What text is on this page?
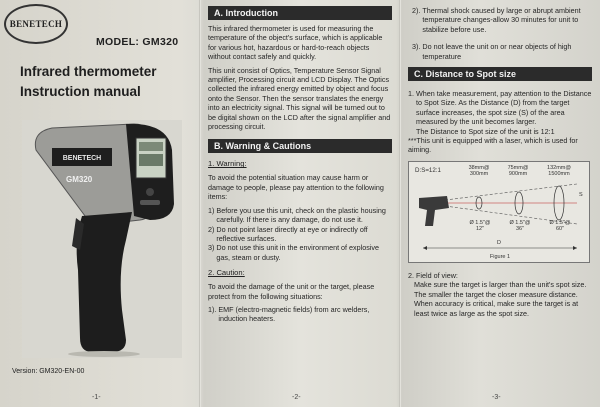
BENETECH
MODEL: GM320
Infrared thermometer
Instruction manual
BENETECH
GM320
Version: GM320-EN-00
-1-
A. Introduction

This infrared thermometer is used for measuring the temperature of the object's surface, which is applicable for various hot, hazardous or hard-to-reach objects without contact safely and quickly.

This unit consist of Optics, Temperature Sensor Signal amplifier, Processing circuit and LCD Display. The Optics collected the infrared energy emitted by object and focus onto the Sensor. Then the sensor translates the energy into an electricity signal. This signal will be turned out to be digital shown on the LCD after the signal amplifier and processing circuit.

B. Warning & Cautions
1. Warning:

To avoid the potential situation may cause harm or damage to people, please pay attention to the following items:

1) Before you use this unit, check on the plastic housing carefully. If there is any damage, do not use it.
2) Do not point laser directly at eye or indirectly off reflective surfaces.
3) Do not use this unit in the environment of explosive gas, steam or dusty.
2. Caution:

To avoid the damage of the unit or the target, please protect from the following situations:

1). EMF (electro-magnetic fields) from arc welders, induction heaters.
-2-
2). Thermal shock caused by large or abrupt ambient temperature changes-allow 30 minutes for unit to stabilize before use.
3). Do not leave the unit on or near objects of high temperature
C. Distance to Spot size
1. When take measurement, pay attention to the Distance to Spot Size. As the Distance (D) from the target surface increases, the spot size (S) of the area measured by the unit becomes larger.
The Distance to Spot size of the unit is 12:1
***This unit is equipped with a laser, which is used for aiming.
D:S=12:1	38mm@ 300mm
75mm@ 900mm
132mm@ 1500mm
Ø 1.5"@ 12"
Ø 1.5"@ 36"
Ø 1.5"@ 60"
S
D
Figure 1
2. Field of view:
Make sure the target is larger than the unit's spot size. The smaller the target the closer measure distance. When accuracy is critical, make sure the target is at least twice as large as the spot size.
-3-
